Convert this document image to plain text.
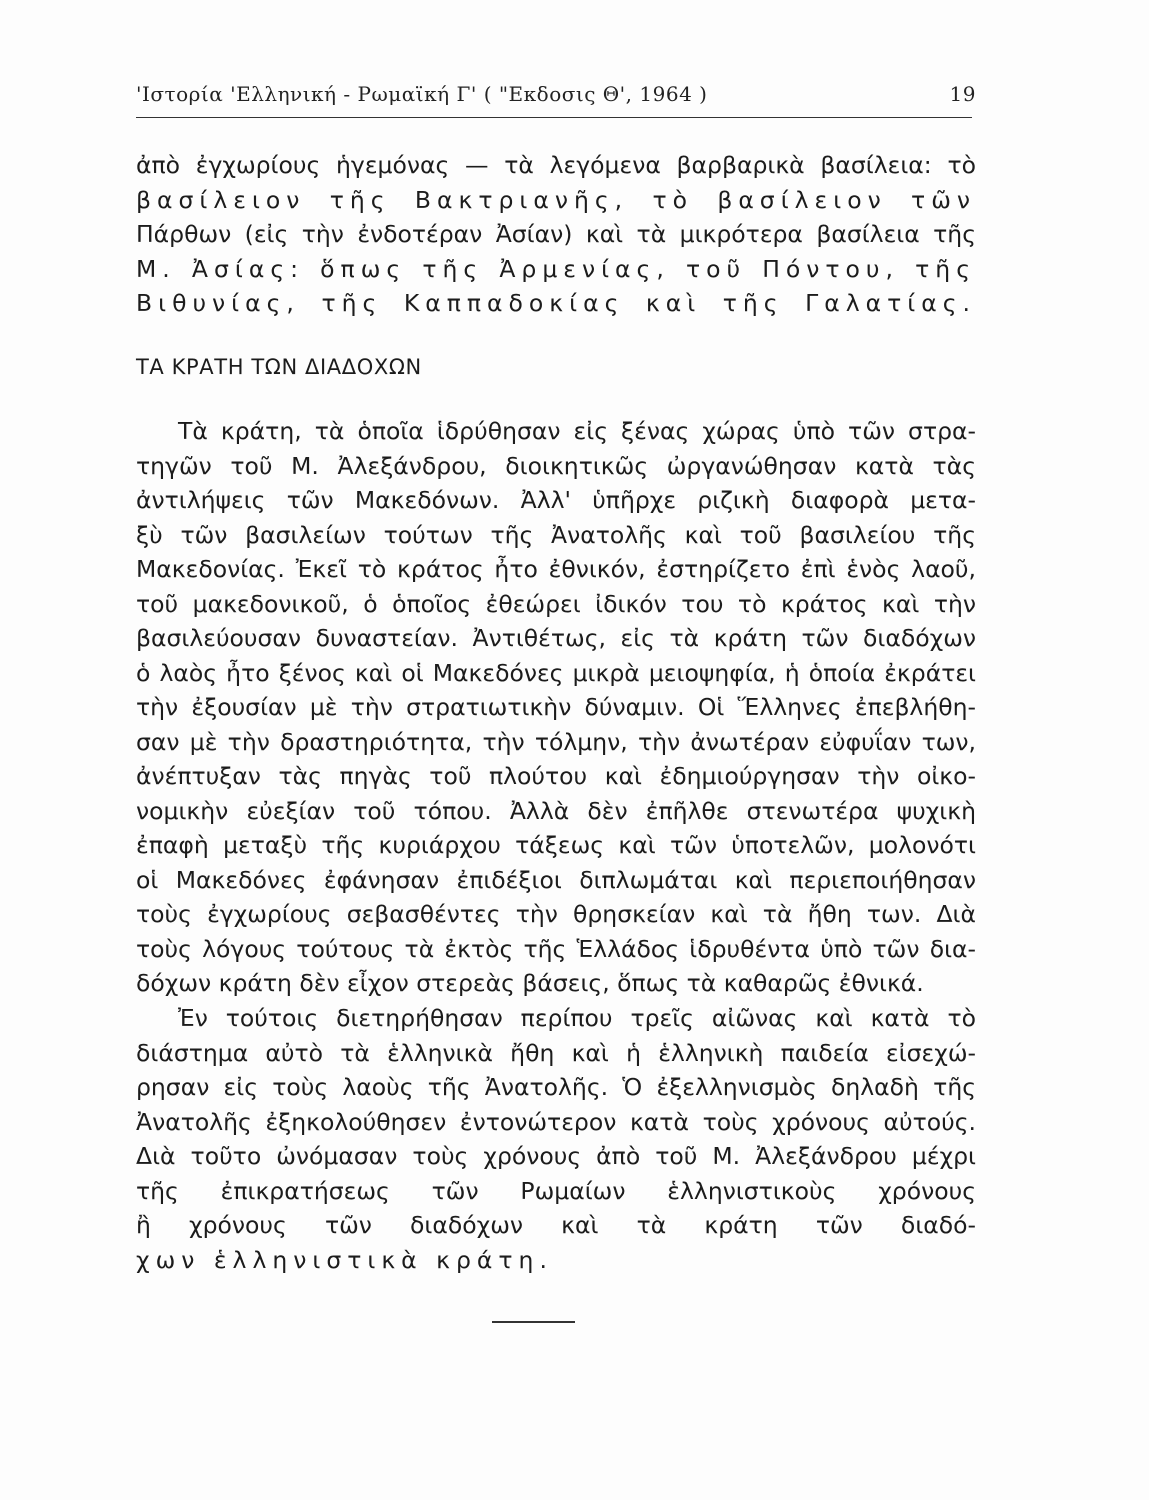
'Ιστορία 'Ελληνική - Ρωμαϊκή Γ' ( "Εκδοσις Θ', 1964 )	19
ἀπὸ ἐγχωρίους ἡγεμόνας — τὰ λεγόμενα βαρβαρικὰ βασίλεια: τὸ
βασίλειον τῆς Βακτριανῆς, τὸ βασίλειον τῶν
Πάρθων (εἰς τὴν ἐνδοτέραν Ἀσίαν) καὶ τὰ μικρότερα βασίλεια τῆς
Μ. Ἀσίας: ὅπως τῆς Ἀρμενίας, τοῦ Πόντου, τῆς
Βιθυνίας, τῆς Καππαδοκίας καὶ τῆς Γαλατίας.
ΤΑ ΚΡΑΤΗ ΤΩΝ ΔΙΑΔΟΧΩΝ
Τὰ κράτη, τὰ ὁποῖα ἱδρύθησαν εἰς ξένας χώρας ὑπὸ τῶν στρα-
τηγῶν τοῦ Μ. Ἀλεξάνδρου, διοικητικῶς ὠργανώθησαν κατὰ τὰς
ἀντιλήψεις τῶν Μακεδόνων. Ἀλλ' ὑπῆρχε ριζικὴ διαφορὰ μετα-
ξὺ τῶν βασιλείων τούτων τῆς Ἀνατολῆς καὶ τοῦ βασιλείου τῆς
Μακεδονίας. Ἐκεῖ τὸ κράτος ἦτο ἐθνικόν, ἐστηρίζετο ἐπὶ ἑνὸς λαοῦ,
τοῦ μακεδονικοῦ, ὁ ὁποῖος ἐθεώρει ἰδικόν του τὸ κράτος καὶ τὴν
βασιλεύουσαν δυναστείαν. Ἀντιθέτως, εἰς τὰ κράτη τῶν διαδόχων
ὁ λαὸς ἦτο ξένος καὶ οἱ Μακεδόνες μικρὰ μειοψηφία, ἡ ὁποία ἐκράτει
τὴν ἐξουσίαν μὲ τὴν στρατιωτικὴν δύναμιν. Οἱ Ἕλληνες ἐπεβλήθη-
σαν μὲ τὴν δραστηριότητα, τὴν τόλμην, τὴν ἀνωτέραν εὐφυΐαν των,
ἀνέπτυξαν τὰς πηγὰς τοῦ πλούτου καὶ ἐδημιούργησαν τὴν οἰκο-
νομικὴν εὐεξίαν τοῦ τόπου. Ἀλλὰ δὲν ἐπῆλθε στενωτέρα ψυχικὴ
ἐπαφὴ μεταξὺ τῆς κυριάρχου τάξεως καὶ τῶν ὑποτελῶν, μολονότι
οἱ Μακεδόνες ἐφάνησαν ἐπιδέξιοι διπλωμάται καὶ περιεποιήθησαν
τοὺς ἐγχωρίους σεβασθέντες τὴν θρησκείαν καὶ τὰ ἤθη των. Διὰ
τοὺς λόγους τούτους τὰ ἐκτὸς τῆς Ἑλλάδος ἱδρυθέντα ὑπὸ τῶν δια-
δόχων κράτη δὲν εἶχον στερεὰς βάσεις, ὅπως τὰ καθαρῶς ἐθνικά.
Ἐν τούτοις διετηρήθησαν περίπου τρεῖς αἰῶνας καὶ κατὰ τὸ
διάστημα αὐτὸ τὰ ἑλληνικὰ ἤθη καὶ ἡ ἑλληνικὴ παιδεία εἰσεχώ-
ρησαν εἰς τοὺς λαοὺς τῆς Ἀνατολῆς. Ὁ ἐξελληνισμὸς δηλαδὴ τῆς
Ἀνατολῆς ἐξηκολούθησεν ἐντονώτερον κατὰ τοὺς χρόνους αὐτούς.
Διὰ τοῦτο ὠνόμασαν τοὺς χρόνους ἀπὸ τοῦ Μ. Ἀλεξάνδρου μέχρι
τῆς ἐπικρατήσεως τῶν Ρωμαίων ἑλληνιστικοὺς χρόνους
ἢ χρόνους τῶν διαδόχων καὶ τὰ κράτη τῶν διαδό-
χων ἑλληνιστικὰ κράτη.
